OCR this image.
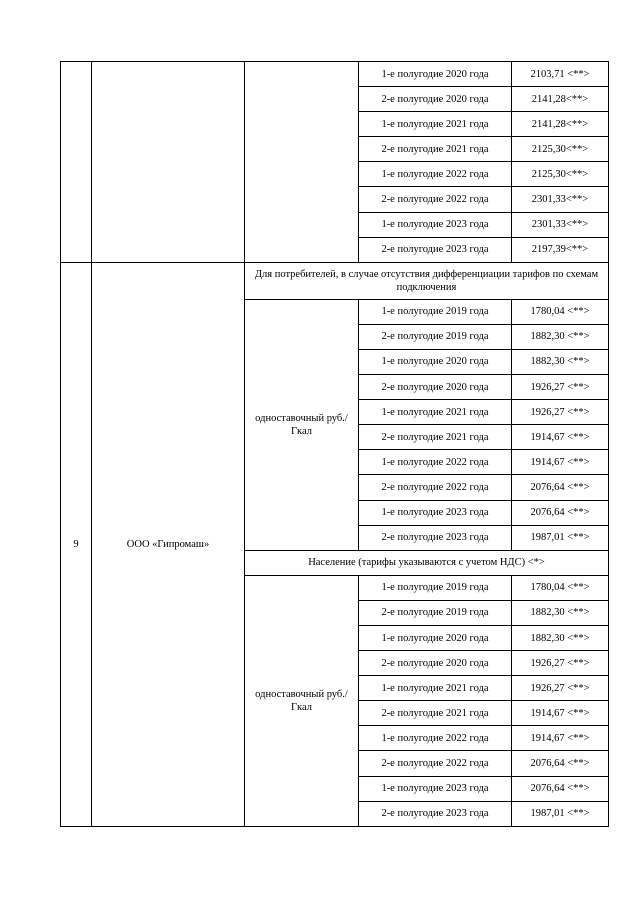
			1-е полугодие 2020 года	2103,71 <**>
			2-е полугодие 2020 года	2141,28<**>
			1-е полугодие 2021 года	2141,28<**>
			2-е полугодие 2021 года	2125,30<**>
			1-е полугодие 2022 года	2125,30<**>
			2-е полугодие 2022 года	2301,33<**>
			1-е полугодие 2023 года	2301,33<**>
			2-е полугодие 2023 года	2197,39<**>
9	ООО «Гипромаш»	Для потребителей, в случае отсутствия дифференциации тарифов по схемам подключения		
		одноставочный руб./Гкал	1-е полугодие 2019 года	1780,04 <**>
			2-е полугодие 2019 года	1882,30 <**>
			1-е полугодие 2020 года	1882,30 <**>
			2-е полугодие 2020 года	1926,27 <**>
			1-е полугодие 2021 года	1926,27 <**>
			2-е полугодие 2021 года	1914,67 <**>
			1-е полугодие 2022 года	1914,67 <**>
			2-е полугодие 2022 года	2076,64 <**>
			1-е полугодие 2023 года	2076,64 <**>
			2-е полугодие 2023 года	1987,01 <**>
		Население (тарифы указываются с учетом НДС) <*>		
		одноставочный руб./Гкал	1-е полугодие 2019 года	1780,04 <**>
			2-е полугодие 2019 года	1882,30 <**>
			1-е полугодие 2020 года	1882,30 <**>
			2-е полугодие 2020 года	1926,27 <**>
			1-е полугодие 2021 года	1926,27 <**>
			2-е полугодие 2021 года	1914,67 <**>
			1-е полугодие 2022 года	1914,67 <**>
			2-е полугодие 2022 года	2076,64 <**>
			1-е полугодие 2023 года	2076,64 <**>
			2-е полугодие 2023 года	1987,01 <**>
